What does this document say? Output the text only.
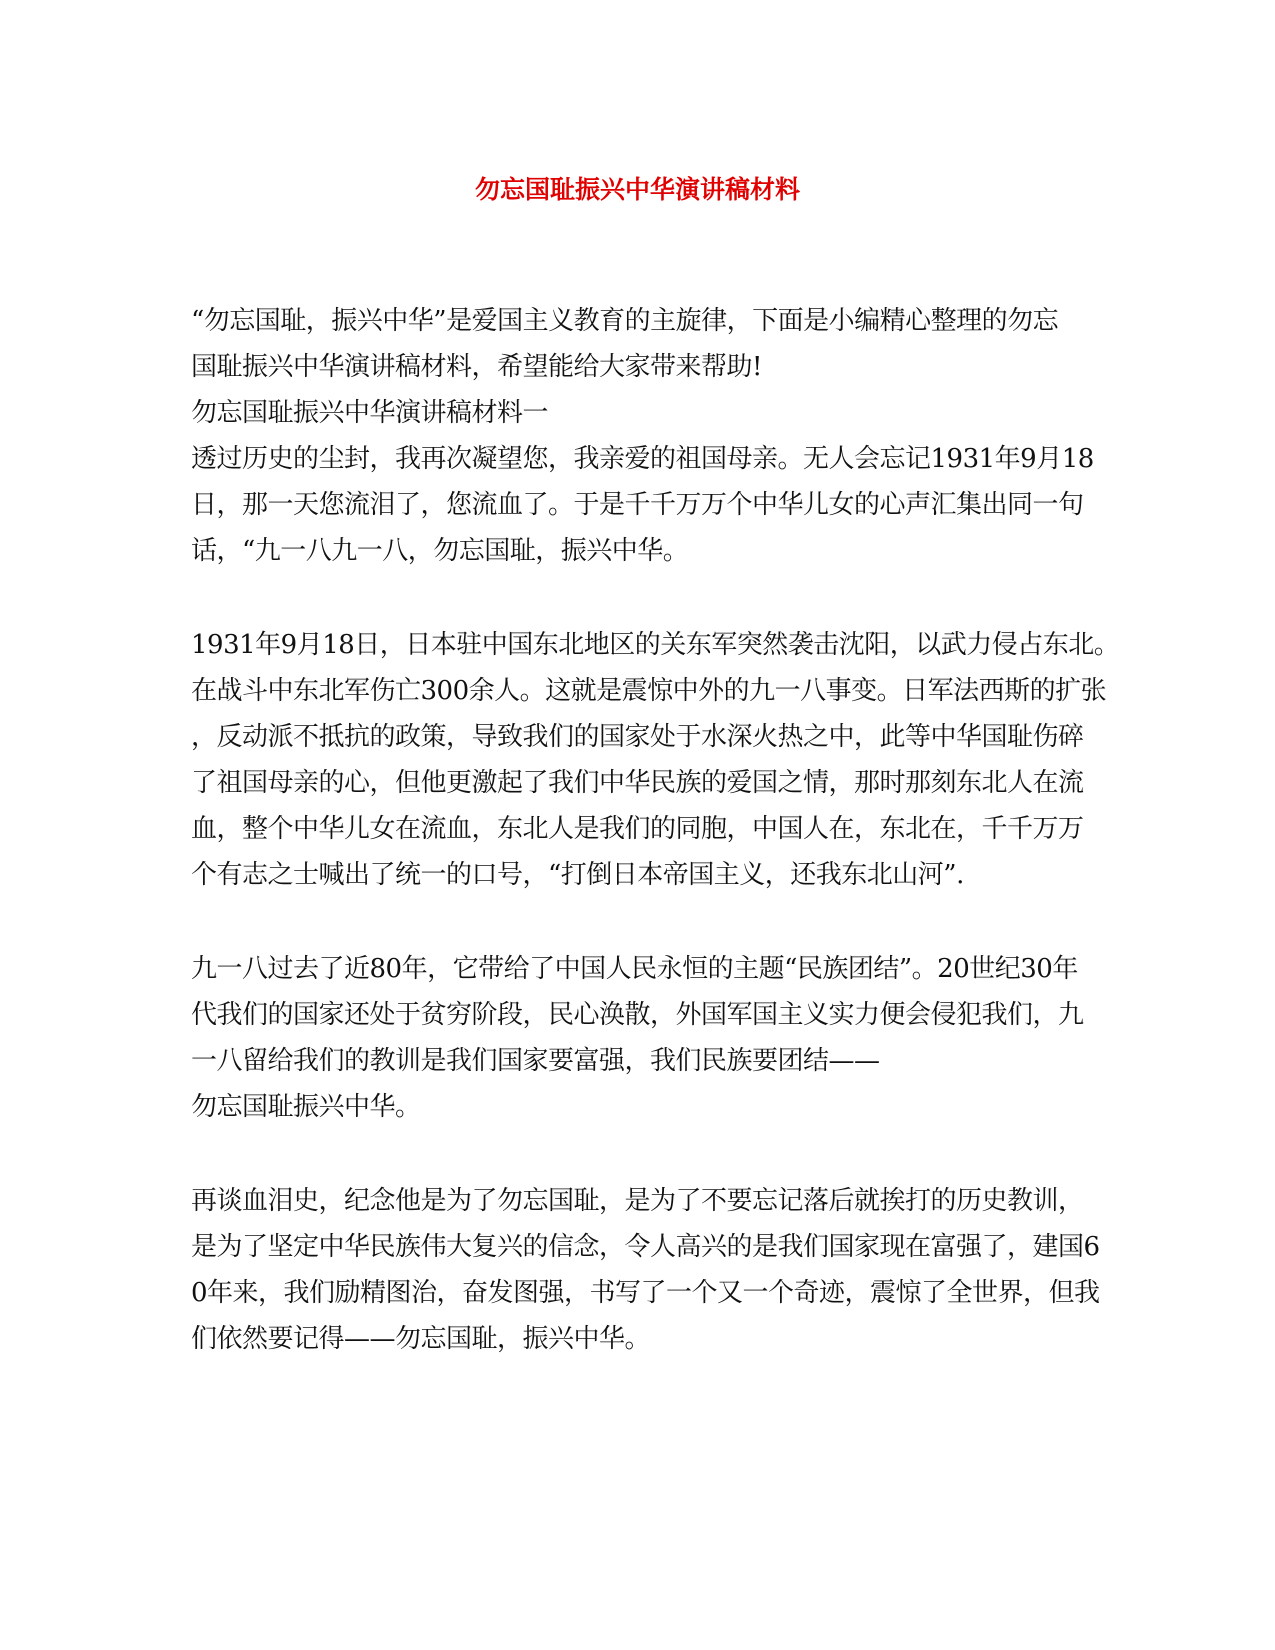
勿忘国耻振兴中华演讲稿材料
“勿忘国耻，振兴中华”是爱国主义教育的主旋律，下面是小编精心整理的勿忘
国耻振兴中华演讲稿材料，希望能给大家带来帮助!
勿忘国耻振兴中华演讲稿材料一
透过历史的尘封，我再次凝望您，我亲爱的祖国母亲。无人会忘记1931年9月18
日，那一天您流泪了，您流血了。于是千千万万个中华儿女的心声汇集出同一句
话，“九一八九一八，勿忘国耻，振兴中华。
1931年9月18日，日本驻中国东北地区的关东军突然袭击沈阳，以武力侵占东北。
在战斗中东北军伤亡300余人。这就是震惊中外的九一八事变。日军法西斯的扩张
，反动派不抵抗的政策，导致我们的国家处于水深火热之中，此等中华国耻伤碎
了祖国母亲的心，但他更激起了我们中华民族的爱国之情，那时那刻东北人在流
血，整个中华儿女在流血，东北人是我们的同胞，中国人在，东北在，千千万万
个有志之士喊出了统一的口号，“打倒日本帝国主义，还我东北山河”.
九一八过去了近80年，它带给了中国人民永恒的主题“民族团结”。20世纪30年
代我们的国家还处于贫穷阶段，民心涣散，外国军国主义实力便会侵犯我们，九
一八留给我们的教训是我们国家要富强，我们民族要团结——
勿忘国耻振兴中华。
再谈血泪史，纪念他是为了勿忘国耻，是为了不要忘记落后就挨打的历史教训，
是为了坚定中华民族伟大复兴的信念，令人高兴的是我们国家现在富强了，建国6
0年来，我们励精图治，奋发图强，书写了一个又一个奇迹，震惊了全世界，但我
们依然要记得——勿忘国耻，振兴中华。
